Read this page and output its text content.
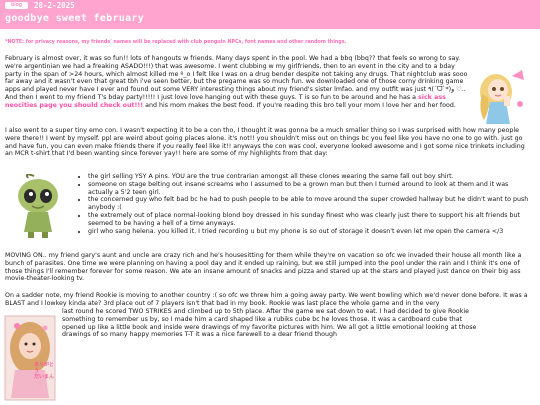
blog	28-2-2025
goodbye sweet february
*NOTE: for privacy reasons, my friends' names will be replaced with club penguin NPCs, font names and other random things.

February is almost over, it was so fun!! lots of hangouts w friends. Many days spent in the pool. We had a bbq (bbq?? that feels so wrong to say. we're argentinian we had a freaking ASADO!!!) that was awesome. I went clubbing w my girlfriends, then to an event in the city and to a bday party in the span of >24 hours, which almost killed me º_o I felt like I was on a drug bender despite not taking any drugs. That nightclub was sooo far away and it wasn't even that great tbh i've seen better, but the pregame was so much fun. we downloaded one of those corny drinking game apps and played never have I ever and found out some VERY interesting things about my friend's sister lmfao. and my outfit was just ٩(ˊᗜˋ*)و ♡.. And then I went to my friend T's bday party!!!!! I just love love hanging out with these guys. T is so fun to be around and he has a sick ass neocities page you should check out!!! and his mom makes the best food. If you're reading this bro tell your mom I love her and her food.

I also went to a super tiny emo con. I wasn't expecting it to be a con tho, I thought it was gonna be a much smaller thing so I was surprised with how many people were there!! I went by myself. ppl are weird about going places alone. it's not!! you shouldn't miss out on things bc you feel like you have no one to go with. just go and have fun, you can even make friends there if you really feel like it!! anyways the con was cool, everyone looked awesome and I got some nice trinkets including an MCR t-shirt that I'd been wanting since forever yay!! here are some of my highlights from that day:

• the girl selling YSY A pins. YOU are the true contrarian amongst all these clones wearing the same fall out boy shirt.
• someone on stage belting out insane screams who I assumed to be a grown man but then I turned around to look at them and it was actually a 5'2 teen girl.
• the concerned guy who felt bad bc he had to push people to be able to move around the super crowded hallway but he didn't want to push anybody :(
• the extremely out of place normal-looking blond boy dressed in his sunday finest who was clearly just there to support his alt friends but seemed to be having a hell of a time anyways.
• girl who sang helena. you killed it. I tried recording u but my phone is so out of storage it doesn't even let me open the camera </3

MOVING ON.. my friend gary's aunt and uncle are crazy rich and he's housesitting for them while they're on vacation so ofc we invaded their house all month like a bunch of parasites. One time we were planning on having a pool day and it ended up raining, but we still jumped into the pool under the rain and I think it's one of those things I'll remember forever for some reason. We ate an insane amount of snacks and pizza and stared up at the stars and played just dance on their big ass movie-theater-looking tv.

On a sadder note, my friend Rookie is moving to another country :( so ofc we threw him a going away party. We went bowling which we'd never done before. It was a BLAST and I lowkey kinda ate? 3rd place out of 7 players isn't that bad in my book. Rookie was last place the whole game and in the very

last round he scored TWO STRIKES and climbed up to 5th place. After the game we sat down to eat. I had decided to give Rookie something to remember us by, so I made him a card shaped like a rubiks cube bc he loves those. It was a cardboard cube that opened up like a little book and inside were drawings of my favorite pictures with him. We all got a little emotional looking at those drawings of so many happy memories T-T it was a nice farewell to a dear friend though

ありがとう
だいまん
